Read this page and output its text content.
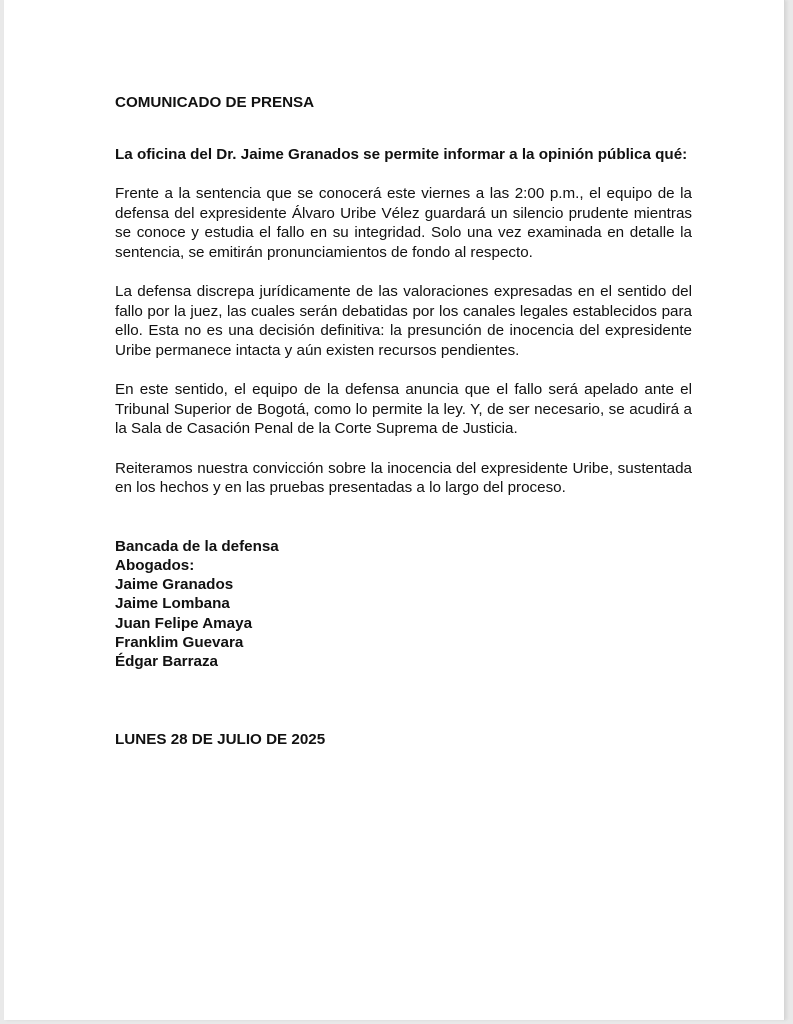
COMUNICADO DE PRENSA
La oficina del Dr. Jaime Granados se permite informar a la opinión pública qué:
Frente a la sentencia que se conocerá este viernes a las 2:00 p.m., el equipo de la defensa del expresidente Álvaro Uribe Vélez guardará un silencio prudente mientras se conoce y estudia el fallo en su integridad. Solo una vez examinada en detalle la sentencia, se emitirán pronunciamientos de fondo al respecto.
La defensa discrepa jurídicamente de las valoraciones expresadas en el sentido del fallo por la juez, las cuales serán debatidas por los canales legales establecidos para ello. Esta no es una decisión definitiva: la presunción de inocencia del expresidente Uribe permanece intacta y aún existen recursos pendientes.
En este sentido, el equipo de la defensa anuncia que el fallo será apelado ante el Tribunal Superior de Bogotá, como lo permite la ley. Y, de ser necesario, se acudirá a la Sala de Casación Penal de la Corte Suprema de Justicia.
Reiteramos nuestra convicción sobre la inocencia del expresidente Uribe, sustentada en los hechos y en las pruebas presentadas a lo largo del proceso.
Bancada de la defensa
Abogados:
Jaime Granados
Jaime Lombana
Juan Felipe Amaya
Franklim Guevara
Édgar Barraza
LUNES 28 DE JULIO DE 2025
